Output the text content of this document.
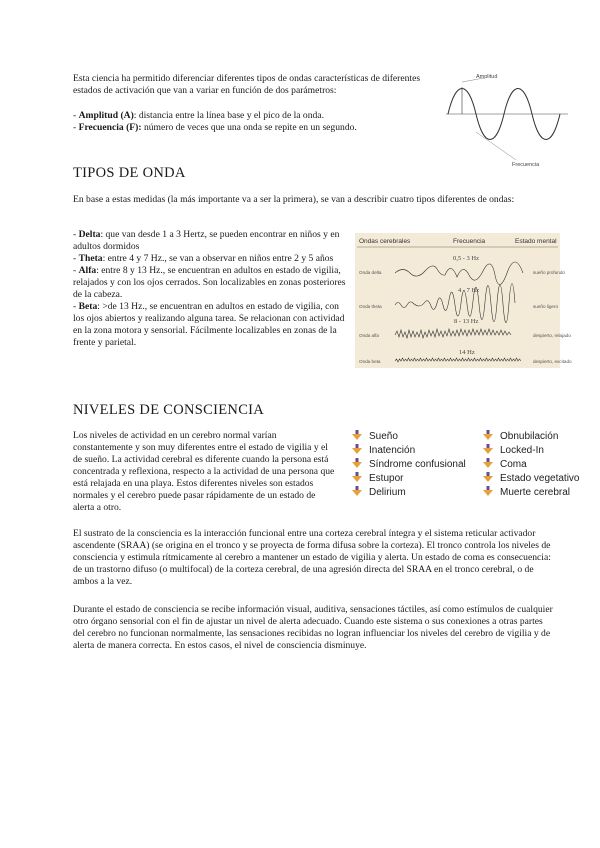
Esta ciencia ha permitido diferenciar diferentes tipos de ondas características de diferentes estados de activación que van a variar en función de dos parámetros:

- Amplitud (A): distancia entre la línea base y el pico de la onda.

- Frecuencia (F): número de veces que una onda se repite en un segundo.

Amplitud
Frecuencia
TIPOS DE ONDA

En base a estas medidas (la más importante va a ser la primera), se van a describir cuatro tipos diferentes de ondas:

- Delta: que van desde 1 a 3 Hertz, se pueden encontrar en niños y en adultos dormidos

- Theta: entre 4 y 7 Hz., se van a observar en niños entre 2 y 5 años

- Alfa: entre 8 y 13 Hz., se encuentran en adultos en estado de vigilia, relajados y con los ojos cerrados. Son localizables en zonas posteriores de la cabeza.

- Beta: >de 13 Hz., se encuentran en adultos en estado de vigilia, con los ojos abiertos y realizando alguna tarea. Se relacionan con actividad en la zona motora y sensorial. Fácilmente localizables en zonas de la frente y parietal.

Ondas cerebrales	Frecuencia	Estado mental
Onda delta
Onda theta
Onda alfa
Onda beta
sueño profundo
sueño ligero
despierto, relajado
despierto, excitado
0,5 - 3 Hz
4 - 7 Hz
8 - 13 Hz
14 Hz
NIVELES DE CONSCIENCIA

Los niveles de actividad en un cerebro normal varían constantemente y son muy diferentes entre el estado de vigilia y el de sueño. La actividad cerebral es diferente cuando la persona está concentrada y reflexiona, respecto a la actividad de una persona que está relajada en una playa. Estos diferentes niveles son estados normales y el cerebro puede pasar rápidamente de un estado de alerta a otro.

Sueño
Inatención
Síndrome confusional
Estupor
Delirium
Obnubilación
Locked-In
Coma
Estado vegetativo
Muerte cerebral

El sustrato de la consciencia es la interacción funcional entre una corteza cerebral íntegra y el sistema reticular activador ascendente (SRAA) (se origina en el tronco y se proyecta de forma difusa sobre la corteza). El tronco controla los niveles de consciencia y estimula rítmicamente al cerebro a mantener un estado de vigilia y alerta. Un estado de coma es consecuencia: de un trastorno difuso (o multifocal) de la corteza cerebral, de una agresión directa del SRAA en el tronco cerebral, o de ambos a la vez.

Durante el estado de consciencia se recibe información visual, auditiva, sensaciones táctiles, así como estímulos de cualquier otro órgano sensorial con el fin de ajustar un nivel de alerta adecuado. Cuando este sistema o sus conexiones a otras partes del cerebro no funcionan normalmente, las sensaciones recibidas no logran influenciar los niveles del cerebro de vigilia y de alerta de manera correcta. En estos casos, el nivel de consciencia disminuye.
